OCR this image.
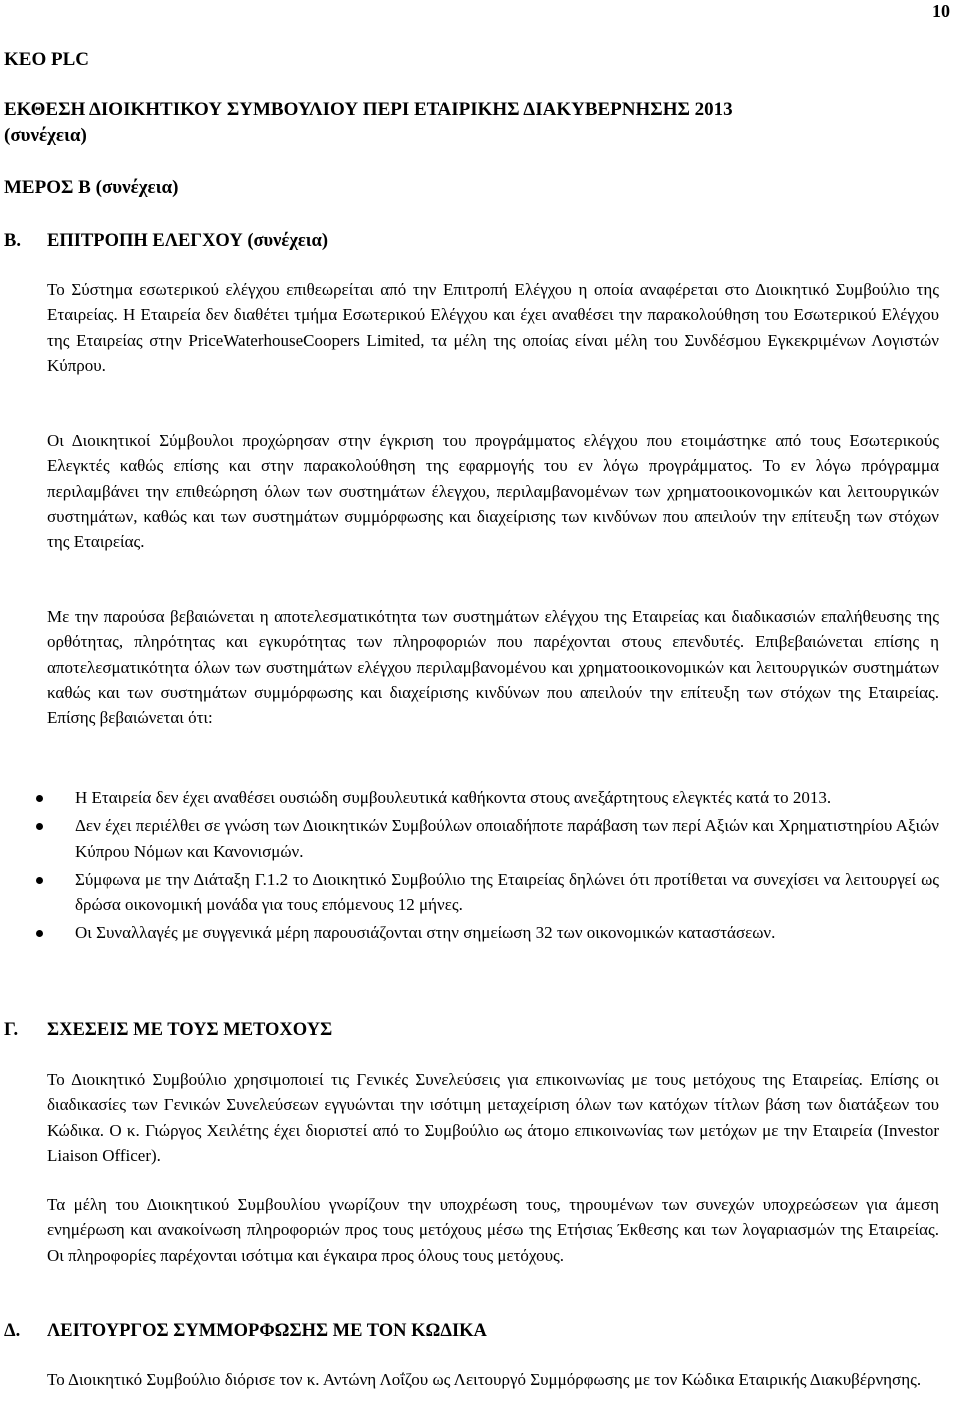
10
KEO PLC
ΕΚΘΕΣΗ ΔΙΟΙΚΗΤΙΚΟΥ ΣΥΜΒΟΥΛΙΟΥ ΠΕΡΙ ΕΤΑΙΡΙΚΗΣ ΔΙΑΚΥΒΕΡΝΗΣΗΣ 2013
(συνέχεια)
ΜΕΡΟΣ Β (συνέχεια)
Β. ΕΠΙΤΡΟΠΗ ΕΛΕΓΧΟΥ (συνέχεια)

Το Σύστημα εσωτερικού ελέγχου επιθεωρείται από την Επιτροπή Ελέγχου η οποία αναφέρεται στο Διοικητικό Συμβούλιο της Εταιρείας. Η Εταιρεία δεν διαθέτει τμήμα Εσωτερικού Ελέγχου και έχει αναθέσει την παρακολούθηση του Εσωτερικού Ελέγχου της Εταιρείας στην PriceWaterhouseCoopers Limited, τα μέλη της οποίας είναι μέλη του Συνδέσμου Εγκεκριμένων Λογιστών Κύπρου.

Οι Διοικητικοί Σύμβουλοι προχώρησαν στην έγκριση του προγράμματος ελέγχου που ετοιμάστηκε από τους Εσωτερικούς Ελεγκτές καθώς επίσης και στην παρακολούθηση της εφαρμογής του εν λόγω προγράμματος. Το εν λόγω πρόγραμμα περιλαμβάνει την επιθεώρηση όλων των συστημάτων έλεγχου, περιλαμβανομένων των χρηματοοικονομικών και λειτουργικών συστημάτων, καθώς και των συστημάτων συμμόρφωσης και διαχείρισης των κινδύνων που απειλούν την επίτευξη των στόχων της Εταιρείας.

Με την παρούσα βεβαιώνεται η αποτελεσματικότητα των συστημάτων ελέγχου της Εταιρείας και διαδικασιών επαλήθευσης της ορθότητας, πληρότητας και εγκυρότητας των πληροφοριών που παρέχονται στους επενδυτές. Επιβεβαιώνεται επίσης η αποτελεσματικότητα όλων των συστημάτων ελέγχου περιλαμβανομένου και χρηματοοικονομικών και λειτουργικών συστημάτων καθώς και των συστημάτων συμμόρφωσης και διαχείρισης κινδύνων που απειλούν την επίτευξη των στόχων της Εταιρείας. Επίσης βεβαιώνεται ότι:

Η Εταιρεία δεν έχει αναθέσει ουσιώδη συμβουλευτικά καθήκοντα στους ανεξάρτητους ελεγκτές κατά το 2013.
Δεν έχει περιέλθει σε γνώση των Διοικητικών Συμβούλων οποιαδήποτε παράβαση των περί Αξιών και Χρηματιστηρίου Αξιών Κύπρου Νόμων και Κανονισμών.
Σύμφωνα με την Διάταξη Γ.1.2 το Διοικητικό Συμβούλιο της Εταιρείας δηλώνει ότι προτίθεται να συνεχίσει να λειτουργεί ως δρώσα οικονομική μονάδα για τους επόμενους 12 μήνες.
Οι Συναλλαγές με συγγενικά μέρη παρουσιάζονται στην σημείωση 32 των οικονομικών καταστάσεων.
Γ. ΣΧΕΣΕΙΣ ΜΕ ΤΟΥΣ ΜΕΤΟΧΟΥΣ

Το Διοικητικό Συμβούλιο χρησιμοποιεί τις Γενικές Συνελεύσεις για επικοινωνίας με τους μετόχους της Εταιρείας. Επίσης οι διαδικασίες των Γενικών Συνελεύσεων εγγυώνται την ισότιμη μεταχείριση όλων των κατόχων τίτλων βάση των διατάξεων του Κώδικα. Ο κ. Γιώργος Χειλέτης έχει διοριστεί από το Συμβούλιο ως άτομο επικοινωνίας των μετόχων με την Εταιρεία (Investor Liaison Officer).

Τα μέλη του Διοικητικού Συμβουλίου γνωρίζουν την υποχρέωση τους, τηρουμένων των συνεχών υποχρεώσεων για άμεση ενημέρωση και ανακοίνωση πληροφοριών προς τους μετόχους μέσω της Ετήσιας Έκθεσης και των λογαριασμών της Εταιρείας. Οι πληροφορίες παρέχονται ισότιμα και έγκαιρα προς όλους τους μετόχους.

Δ. ΛΕΙΤΟΥΡΓΟΣ ΣΥΜΜΟΡΦΩΣΗΣ ΜΕ ΤΟΝ ΚΩΔΙΚΑ

Το Διοικητικό Συμβούλιο διόρισε τον κ. Αντώνη Λοΐζου ως Λειτουργό Συμμόρφωσης με τον Κώδικα Εταιρικής Διακυβέρνησης.
